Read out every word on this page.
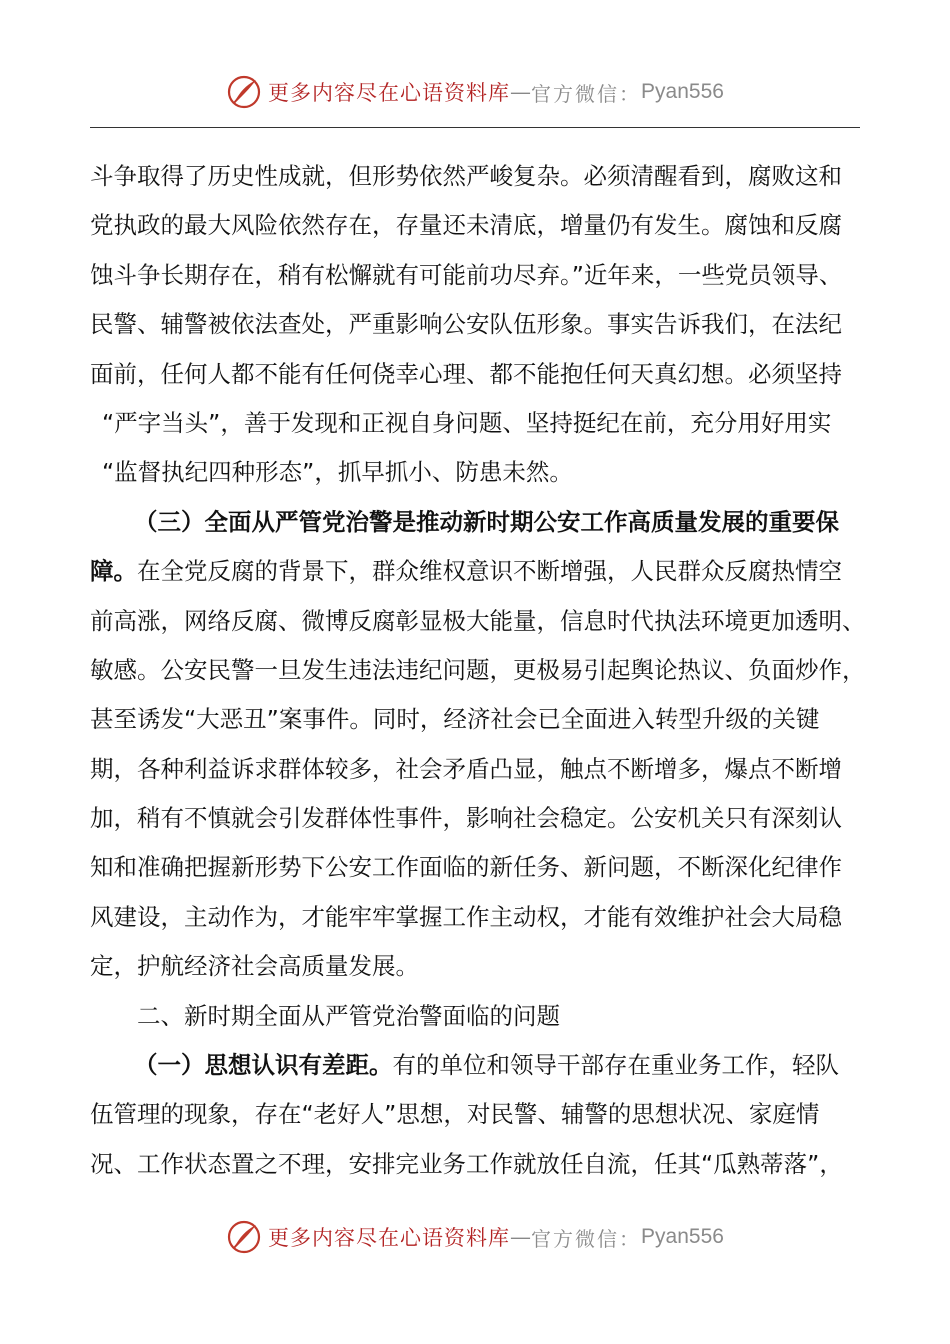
更多内容尽在心语资料库 — 官方微信： Pyan556
斗争取得了历史性成就，但形势依然严峻复杂。必须清醒看到，腐败这和
党执政的最大风险依然存在，存量还未清底，增量仍有发生。腐蚀和反腐
蚀斗争长期存在，稍有松懈就有可能前功尽弃。”近年来，一些党员领导、
民警、辅警被依法查处，严重影响公安队伍形象。事实告诉我们，在法纪
面前，任何人都不能有任何侥幸心理、都不能抱任何天真幻想。必须坚持
“严字当头”，善于发现和正视自身问题、坚持挺纪在前，充分用好用实
“监督执纪四种形态”，抓早抓小、防患未然。
（三）全面从严管党治警是推动新时期公安工作高质量发展的重要保
障。在全党反腐的背景下，群众维权意识不断增强，人民群众反腐热情空
前高涨，网络反腐、微博反腐彰显极大能量，信息时代执法环境更加透明、
敏感。公安民警一旦发生违法违纪问题，更极易引起舆论热议、负面炒作，
甚至诱发“大恶丑”案事件。同时，经济社会已全面进入转型升级的关键
期，各种利益诉求群体较多，社会矛盾凸显，触点不断增多，爆点不断增
加，稍有不慎就会引发群体性事件，影响社会稳定。公安机关只有深刻认
知和准确把握新形势下公安工作面临的新任务、新问题，不断深化纪律作
风建设，主动作为，才能牢牢掌握工作主动权，才能有效维护社会大局稳
定，护航经济社会高质量发展。
二、新时期全面从严管党治警面临的问题
（一）思想认识有差距。有的单位和领导干部存在重业务工作，轻队
伍管理的现象，存在“老好人”思想，对民警、辅警的思想状况、家庭情
况、工作状态置之不理，安排完业务工作就放任自流，任其“瓜熟蒂落”，
更多内容尽在心语资料库 — 官方微信： Pyan556
